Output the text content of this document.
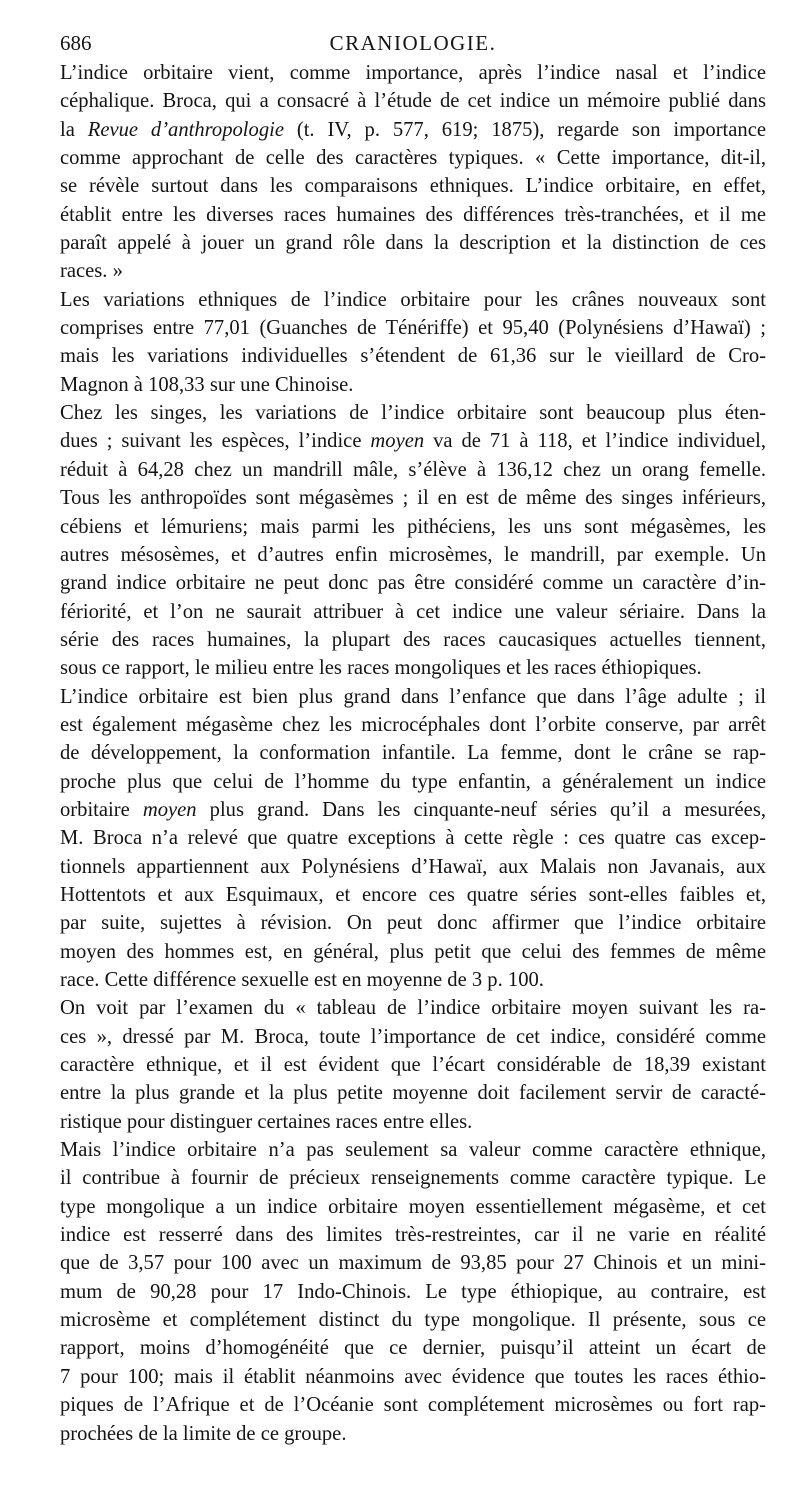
686	CRANIOLOGIE.

L’indice orbitaire vient, comme importance, après l’indice nasal et l’indice
céphalique. Broca, qui a consacré à l’étude de cet indice un mémoire publié dans
la Revue d’anthropologie (t. IV, p. 577, 619; 1875), regarde son importance
comme approchant de celle des caractères typiques. « Cette importance, dit-il,
se révèle surtout dans les comparaisons ethniques. L’indice orbitaire, en effet,
établit entre les diverses races humaines des différences très-tranchées, et il me
paraît appelé à jouer un grand rôle dans la description et la distinction de ces
races. »

Les variations ethniques de l’indice orbitaire pour les crânes nouveaux sont
comprises entre 77,01 (Guanches de Ténériffe) et 95,40 (Polynésiens d’Hawaï) ;
mais les variations individuelles s’étendent de 61,36 sur le vieillard de Cro-
Magnon à 108,33 sur une Chinoise.

Chez les singes, les variations de l’indice orbitaire sont beaucoup plus éten-
dues ; suivant les espèces, l’indice moyen va de 71 à 118, et l’indice individuel,
réduit à 64,28 chez un mandrill mâle, s’élève à 136,12 chez un orang femelle.
Tous les anthropoïdes sont mégasèmes ; il en est de même des singes inférieurs,
cébiens et lémuriens; mais parmi les pithéciens, les uns sont mégasèmes, les
autres mésosèmes, et d’autres enfin microsèmes, le mandrill, par exemple. Un
grand indice orbitaire ne peut donc pas être considéré comme un caractère d’in-
fériorité, et l’on ne saurait attribuer à cet indice une valeur sériaire. Dans la
série des races humaines, la plupart des races caucasiques actuelles tiennent,
sous ce rapport, le milieu entre les races mongoliques et les races éthiopiques.

L’indice orbitaire est bien plus grand dans l’enfance que dans l’âge adulte ; il
est également mégasème chez les microcéphales dont l’orbite conserve, par arrêt
de développement, la conformation infantile. La femme, dont le crâne se rap-
proche plus que celui de l’homme du type enfantin, a généralement un indice
orbitaire moyen plus grand. Dans les cinquante-neuf séries qu’il a mesurées,
M. Broca n’a relevé que quatre exceptions à cette règle : ces quatre cas excep-
tionnels appartiennent aux Polynésiens d’Hawaï, aux Malais non Javanais, aux
Hottentots et aux Esquimaux, et encore ces quatre séries sont-elles faibles et,
par suite, sujettes à révision. On peut donc affirmer que l’indice orbitaire
moyen des hommes est, en général, plus petit que celui des femmes de même
race. Cette différence sexuelle est en moyenne de 3 p. 100.

On voit par l’examen du « tableau de l’indice orbitaire moyen suivant les ra-
ces », dressé par M. Broca, toute l’importance de cet indice, considéré comme
caractère ethnique, et il est évident que l’écart considérable de 18,39 existant
entre la plus grande et la plus petite moyenne doit facilement servir de caracté-
ristique pour distinguer certaines races entre elles.

Mais l’indice orbitaire n’a pas seulement sa valeur comme caractère ethnique,
il contribue à fournir de précieux renseignements comme caractère typique. Le
type mongolique a un indice orbitaire moyen essentiellement mégasème, et cet
indice est resserré dans des limites très-restreintes, car il ne varie en réalité
que de 3,57 pour 100 avec un maximum de 93,85 pour 27 Chinois et un mini-
mum de 90,28 pour 17 Indo-Chinois. Le type éthiopique, au contraire, est
microsème et complétement distinct du type mongolique. Il présente, sous ce
rapport, moins d’homogénéité que ce dernier, puisqu’il atteint un écart de
7 pour 100; mais il établit néanmoins avec évidence que toutes les races éthio-
piques de l’Afrique et de l’Océanie sont complétement microsèmes ou fort rap-
prochées de la limite de ce groupe.
